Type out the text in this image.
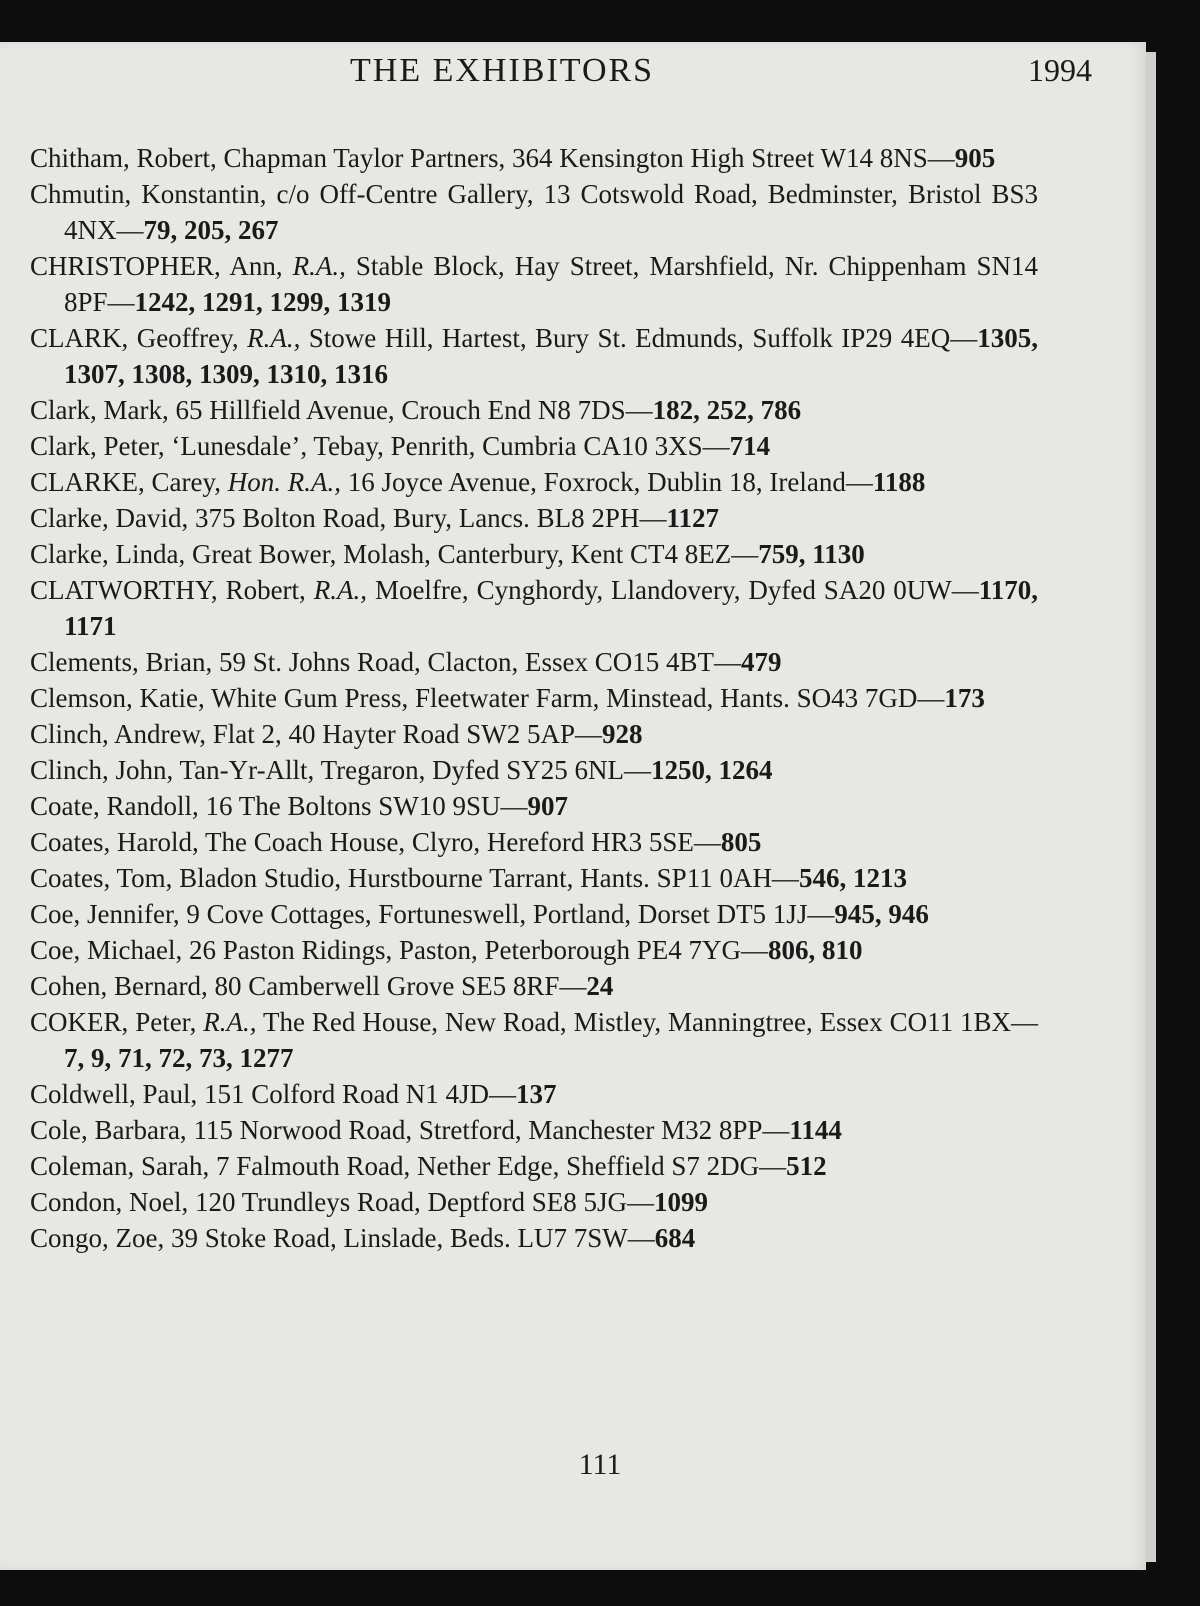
THE EXHIBITORS	1994
Chitham, Robert, Chapman Taylor Partners, 364 Kensington High Street W14 8NS—905
Chmutin, Konstantin, c/o Off-Centre Gallery, 13 Cotswold Road, Bedminster, Bristol BS3 4NX—79, 205, 267
CHRISTOPHER, Ann, R.A., Stable Block, Hay Street, Marshfield, Nr. Chippenham SN14 8PF—1242, 1291, 1299, 1319
CLARK, Geoffrey, R.A., Stowe Hill, Hartest, Bury St. Edmunds, Suffolk IP29 4EQ—1305, 1307, 1308, 1309, 1310, 1316
Clark, Mark, 65 Hillfield Avenue, Crouch End N8 7DS—182, 252, 786
Clark, Peter, ‘Lunesdale’, Tebay, Penrith, Cumbria CA10 3XS—714
CLARKE, Carey, Hon. R.A., 16 Joyce Avenue, Foxrock, Dublin 18, Ireland—1188
Clarke, David, 375 Bolton Road, Bury, Lancs. BL8 2PH—1127
Clarke, Linda, Great Bower, Molash, Canterbury, Kent CT4 8EZ—759, 1130
CLATWORTHY, Robert, R.A., Moelfre, Cynghordy, Llandovery, Dyfed SA20 0UW—1170, 1171
Clements, Brian, 59 St. Johns Road, Clacton, Essex CO15 4BT—479
Clemson, Katie, White Gum Press, Fleetwater Farm, Minstead, Hants. SO43 7GD—173
Clinch, Andrew, Flat 2, 40 Hayter Road SW2 5AP—928
Clinch, John, Tan-Yr-Allt, Tregaron, Dyfed SY25 6NL—1250, 1264
Coate, Randoll, 16 The Boltons SW10 9SU—907
Coates, Harold, The Coach House, Clyro, Hereford HR3 5SE—805
Coates, Tom, Bladon Studio, Hurstbourne Tarrant, Hants. SP11 0AH—546, 1213
Coe, Jennifer, 9 Cove Cottages, Fortuneswell, Portland, Dorset DT5 1JJ—945, 946
Coe, Michael, 26 Paston Ridings, Paston, Peterborough PE4 7YG—806, 810
Cohen, Bernard, 80 Camberwell Grove SE5 8RF—24
COKER, Peter, R.A., The Red House, New Road, Mistley, Manningtree, Essex CO11 1BX—7, 9, 71, 72, 73, 1277
Coldwell, Paul, 151 Colford Road N1 4JD—137
Cole, Barbara, 115 Norwood Road, Stretford, Manchester M32 8PP—1144
Coleman, Sarah, 7 Falmouth Road, Nether Edge, Sheffield S7 2DG—512
Condon, Noel, 120 Trundleys Road, Deptford SE8 5JG—1099
Congo, Zoe, 39 Stoke Road, Linslade, Beds. LU7 7SW—684
111
